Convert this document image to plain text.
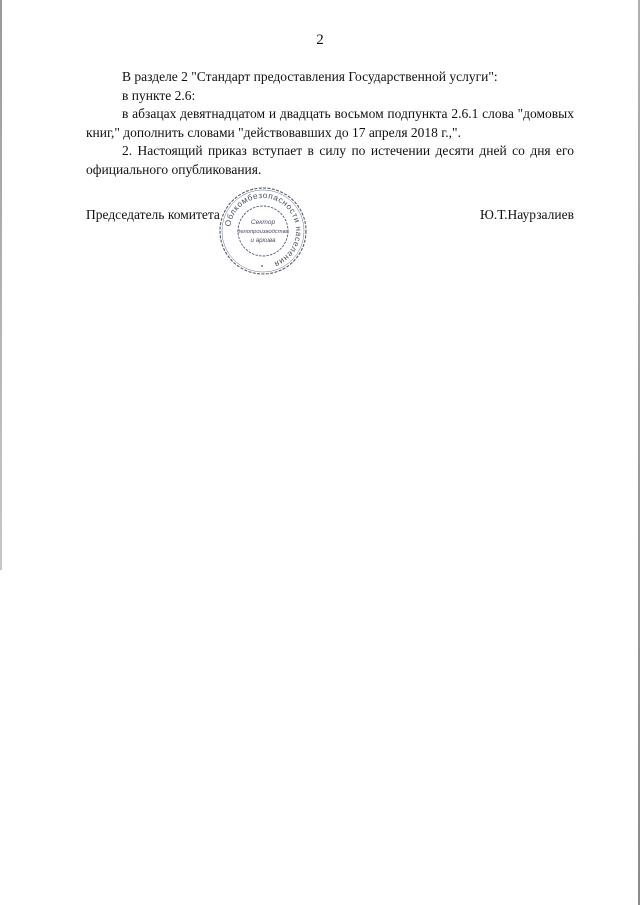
2

В разделе 2 "Стандарт предоставления Государственной услуги":

в пункте 2.6:

в абзацах девятнадцатом и двадцать восьмом подпункта 2.6.1 слова "домовых книг," дополнить словами "действовавших до 17 апреля 2018 г.,".

2. Настоящий приказ вступает в силу по истечении десяти дней со дня его официального опубликования.

Председатель комитета	Ю.Т.Наурзалиев
Облкомбезопасности населения
Сектор
делопроизводства
и архива
